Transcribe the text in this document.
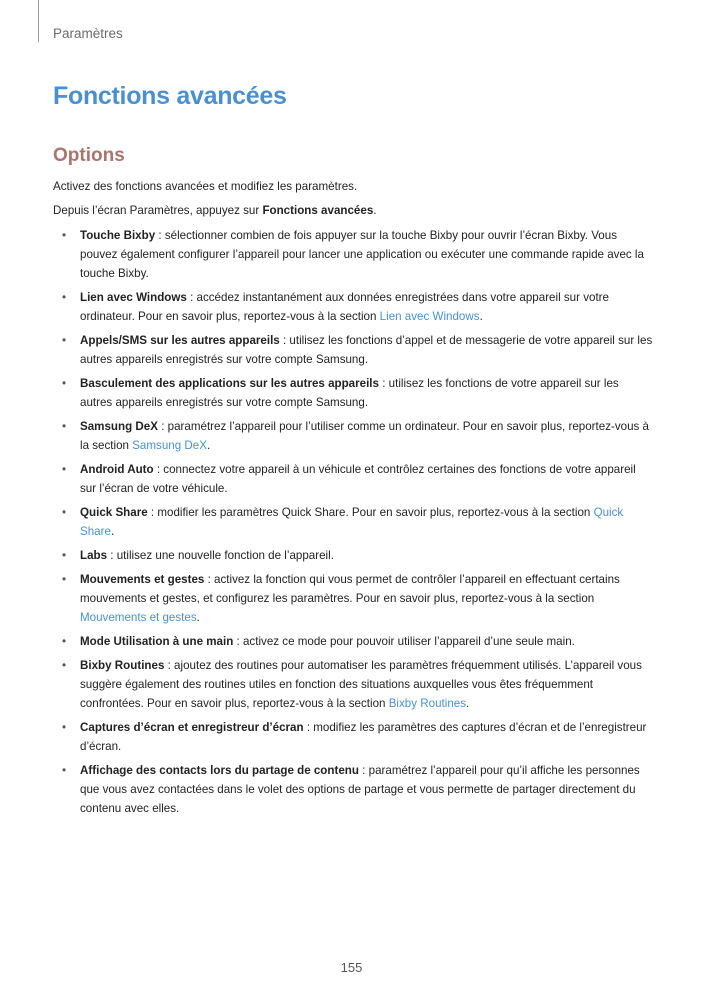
Paramètres
Fonctions avancées
Options

Activez des fonctions avancées et modifiez les paramètres.

Depuis l’écran Paramètres, appuyez sur Fonctions avancées.

• Touche Bixby : sélectionner combien de fois appuyer sur la touche Bixby pour ouvrir l’écran Bixby. Vous pouvez également configurer l’appareil pour lancer une application ou exécuter une commande rapide avec la touche Bixby.
• Lien avec Windows : accédez instantanément aux données enregistrées dans votre appareil sur votre ordinateur. Pour en savoir plus, reportez-vous à la section Lien avec Windows.
• Appels/SMS sur les autres appareils : utilisez les fonctions d’appel et de messagerie de votre appareil sur les autres appareils enregistrés sur votre compte Samsung.
• Basculement des applications sur les autres appareils : utilisez les fonctions de votre appareil sur les autres appareils enregistrés sur votre compte Samsung.
• Samsung DeX : paramétrez l’appareil pour l’utiliser comme un ordinateur. Pour en savoir plus, reportez-vous à la section Samsung DeX.
• Android Auto : connectez votre appareil à un véhicule et contrôlez certaines des fonctions de votre appareil sur l’écran de votre véhicule.
• Quick Share : modifier les paramètres Quick Share. Pour en savoir plus, reportez-vous à la section Quick Share.
• Labs : utilisez une nouvelle fonction de l’appareil.
• Mouvements et gestes : activez la fonction qui vous permet de contrôler l’appareil en effectuant certains mouvements et gestes, et configurez les paramètres. Pour en savoir plus, reportez-vous à la section Mouvements et gestes.
• Mode Utilisation à une main : activez ce mode pour pouvoir utiliser l’appareil d’une seule main.
• Bixby Routines : ajoutez des routines pour automatiser les paramètres fréquemment utilisés. L’appareil vous suggère également des routines utiles en fonction des situations auxquelles vous êtes fréquemment confrontées. Pour en savoir plus, reportez-vous à la section Bixby Routines.
• Captures d’écran et enregistreur d’écran : modifiez les paramètres des captures d’écran et de l’enregistreur d’écran.
• Affichage des contacts lors du partage de contenu : paramétrez l’appareil pour qu’il affiche les personnes que vous avez contactées dans le volet des options de partage et vous permette de partager directement du contenu avec elles.
155
